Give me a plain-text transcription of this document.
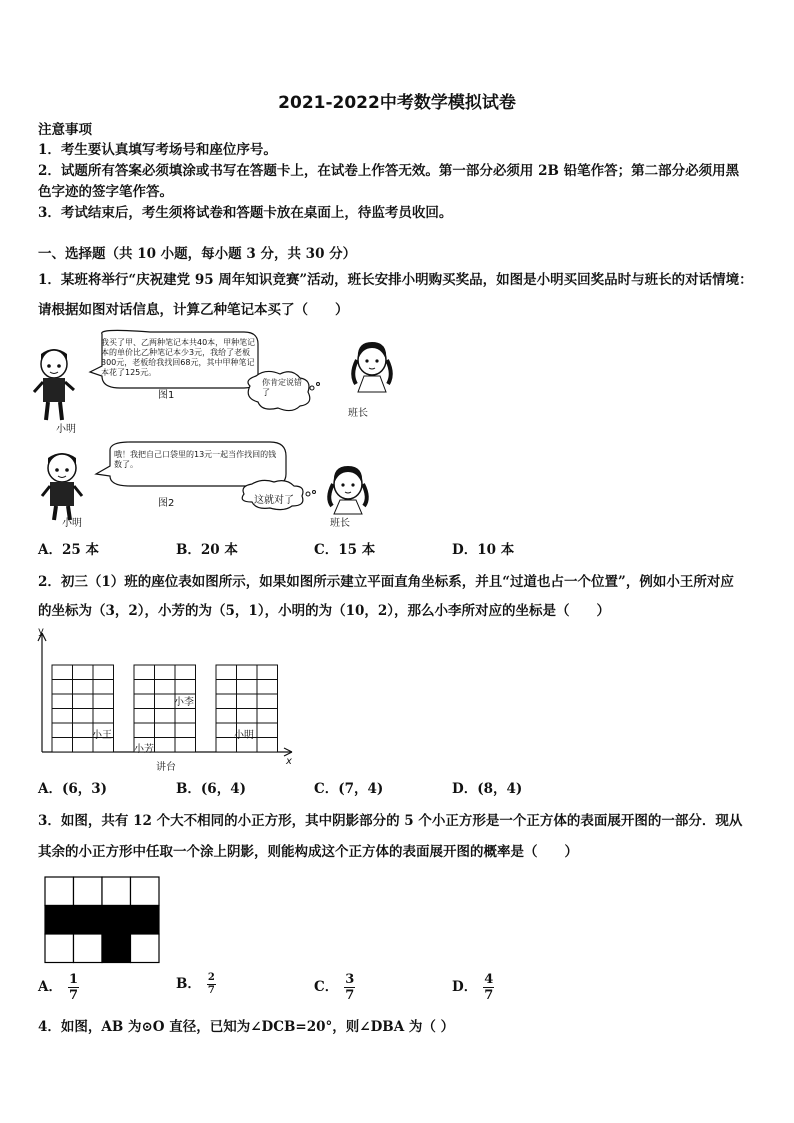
2021-2022中考数学模拟试卷
注意事项
1．考生要认真填写考场号和座位序号。
2．试题所有答案必须填涂或书写在答题卡上，在试卷上作答无效。第一部分必须用 2B 铅笔作答；第二部分必须用黑
色字迹的签字笔作答。
3．考试结束后，考生须将试卷和答题卡放在桌面上，待监考员收回。
一、选择题（共 10 小题，每小题 3 分，共 30 分）
1．某班将举行“庆祝建党 95 周年知识竞赛”活动，班长安排小明购买奖品，如图是小明买回奖品时与班长的对话情境：
请根据如图对话信息，计算乙种笔记本买了（　　）
我买了甲、乙两种笔记本共40本，甲种笔记本的单价比乙种笔记本少3元，我给了老板300元，老板给我找回68元，其中甲种笔记本花了125元。
你肯定说错了
图1
小明
班长
哦！我把自己口袋里的13元一起当作找回的钱数了。
这就对了
图2
小明	班长
A．25 本	B．20 本	C．15 本	D．10 本
2．初三（1）班的座位表如图所示，如果如图所示建立平面直角坐标系，并且“过道也占一个位置”，例如小王所对应
的坐标为（3，2），小芳的为（5，1），小明的为（10，2），那么小李所对应的坐标是（　　）
y
x
小王
小芳
小李
小明
讲台
A．(6，3)	B．(6，4)	C．(7，4)	D．(8，4)
3．如图，共有 12 个大不相同的小正方形，其中阴影部分的 5 个小正方形是一个正方体的表面展开图的一部分．现从
其余的小正方形中任取一个涂上阴影，则能构成这个正方体的表面展开图的概率是（　　）
A． $\frac{1}{7}$	B． $\frac{2}{7}$	C． $\frac{3}{7}$	D． $\frac{4}{7}$
4．如图，AB 为⊙O 直径，已知为∠DCB=20°，则∠DBA 为（ ）
